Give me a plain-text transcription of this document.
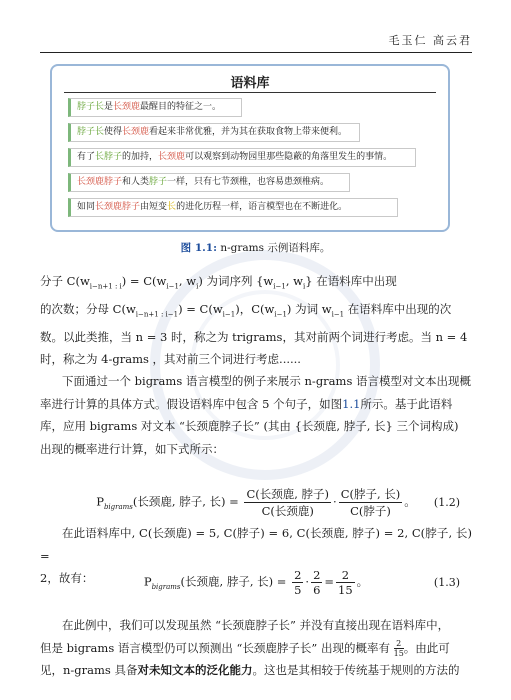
毛玉仁 高云君
语料库
脖子长是长颈鹿最醒目的特征之一。
脖子长使得长颈鹿看起来非常优雅，并为其在获取食物上带来便利。
有了长脖子的加持，长颈鹿可以观察到动物园里那些隐蔽的角落里发生的事情。
长颈鹿脖子和人类脖子一样，只有七节颈椎，也容易患颈椎病。
如同长颈鹿脖子由短变长的进化历程一样，语言模型也在不断进化。
图 1.1: n-grams 示例语料库。
分子 $C(w_{i-n+1 : i}) = C(w_{i-1}$, $w_i$) 为词序列 {$w_{i-1}$, $w_i$} 在语料库中出现
的次数；分母 $C(w_{i-n+1 : i-1}) = C(w_{i-1})$，$C(w_{i-1})$ 为词 $w_{i-1}$ 在语料库中出现的次
数。以此类推，当 n = 3 时，称之为 trigrams，其对前两个词进行考虑。当 n = 4
时，称之为 4-grams ，其对前三个词进行考虑......
下面通过一个 bigrams 语言模型的例子来展示 n-grams 语言模型对文本出现概
率进行计算的具体方式。假设语料库中包含 5 个句子，如图1.1所示。基于此语料
库，应用 bigrams 对文本 “长颈鹿脖子长” (其由 {长颈鹿, 脖子, 长} 三个词构成)
出现的概率进行计算，如下式所示：
$P_{bigrams}$(长颈鹿, 脖子, 长) = $\frac{\text{C(长颈鹿, 脖子)}}{\text{C(长颈鹿)}} \cdot \frac{\text{C(脖子, 长)}}{\text{C(脖子)}}$ 。 (1.2)
在此语料库中, C(长颈鹿) = 5, C(脖子) = 6, C(长颈鹿, 脖子) = 2, C(脖子, 长) =
2，故有：	$P_{bigrams}$(长颈鹿, 脖子, 长) = $\frac{2}{5} \cdot \frac{2}{6} = \frac{2}{15}$ 。	(1.3)
在此例中，我们可以发现虽然 “长颈鹿脖子长” 并没有直接出现在语料库中，
但是 bigrams 语言模型仍可以预测出 “长颈鹿脖子长” 出现的概率有 $\frac{2}{15}$。由此可
见，n-grams 具备对未知文本的泛化能力。这也是其相较于传统基于规则的方法的
